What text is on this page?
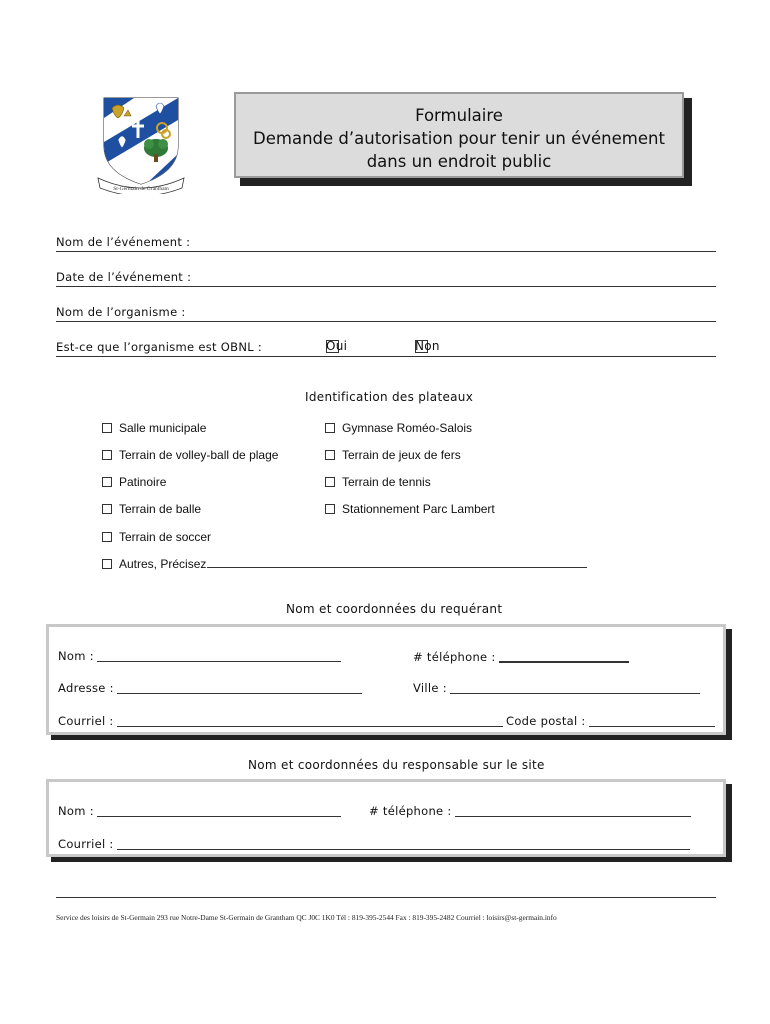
St-Germain de Grantham
Formulaire
Demande d’autorisation pour tenir un événement
dans un endroit public
Nom de l’événement :
Date de l’événement :
Nom de l’organisme :
Est-ce que l’organisme est OBNL :	Oui	Non
Identification des plateaux
Salle municipale
Terrain de volley-ball de plage
Patinoire
Terrain de balle
Terrain de soccer
Gymnase Roméo-Salois
Terrain de jeux de fers
Terrain de tennis
Stationnement Parc Lambert
Autres, Précisez
Nom et coordonnées du requérant
Nom :	# téléphone :
Adresse :	Ville :
Courriel :	Code postal :
Nom et coordonnées du responsable sur le site
Nom :	# téléphone :
Courriel :
Service des loisirs de St-Germain 293 rue Notre-Dame St-Germain de Grantham QC J0C 1K0 Tél : 819-395-2544 Fax : 819-395-2482 Courriel : loisirs@st-germain.info
